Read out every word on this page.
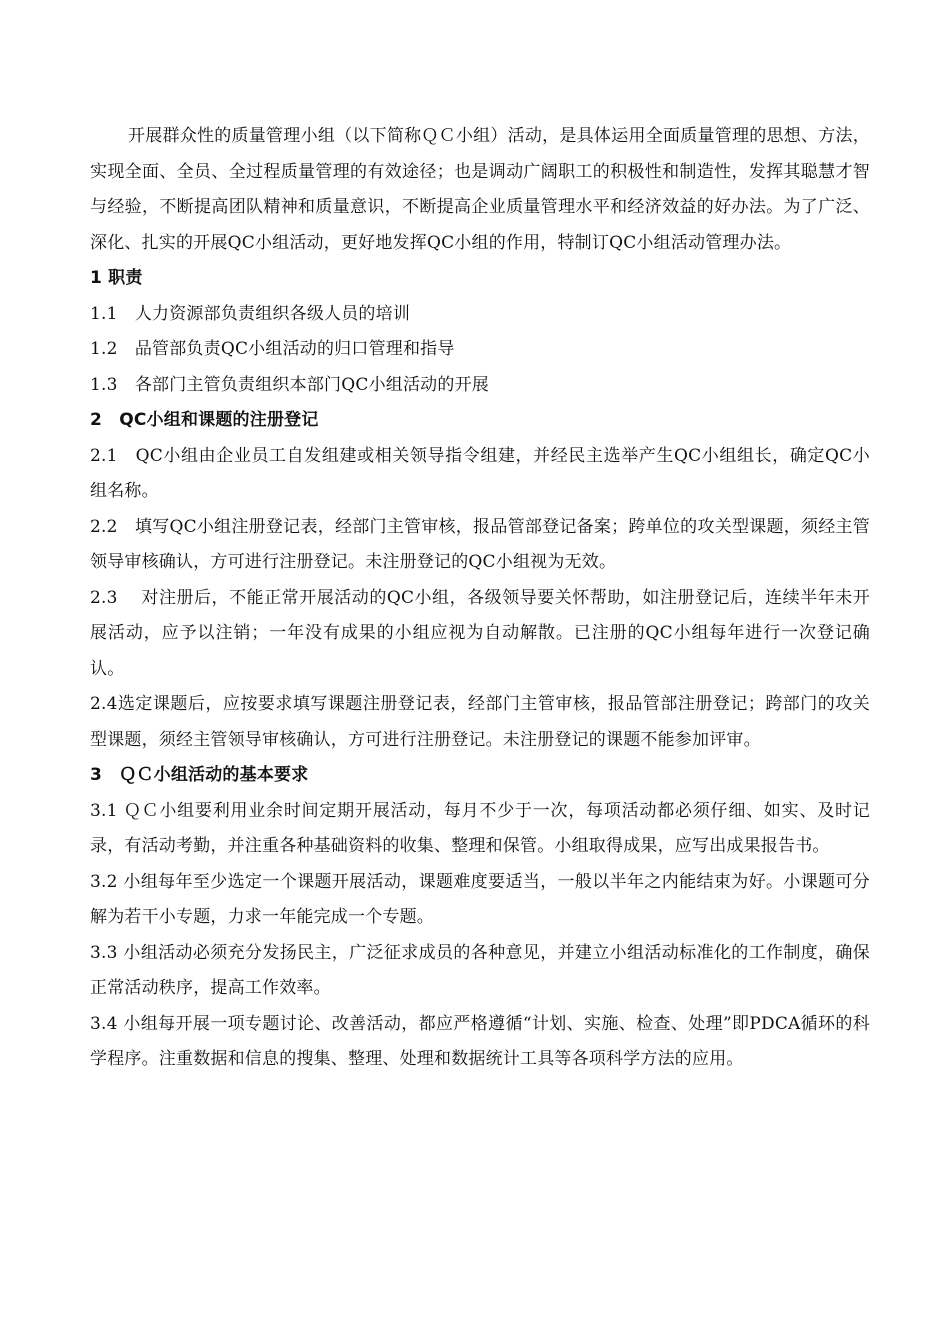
开展群众性的质量管理小组（以下简称ＱＣ小组）活动，是具体运用全面质量管理的思想、方法，实现全面、全员、全过程质量管理的有效途径；也是调动广阔职工的积极性和制造性，发挥其聪慧才智与经验，不断提高团队精神和质量意识，不断提高企业质量管理水平和经济效益的好办法。为了广泛、深化、扎实的开展QC小组活动，更好地发挥QC小组的作用，特制订QC小组活动管理办法。

1 职责

1.1　人力资源部负责组织各级人员的培训

1.2　品管部负责QC小组活动的归口管理和指导

1.3　各部门主管负责组织本部门QC小组活动的开展

2　QC小组和课题的注册登记

2.1　QC小组由企业员工自发组建或相关领导指令组建，并经民主选举产生QC小组组长，确定QC小组名称。

2.2　填写QC小组注册登记表，经部门主管审核，报品管部登记备案；跨单位的攻关型课题，须经主管领导审核确认，方可进行注册登记。未注册登记的QC小组视为无效。

2.3　 对注册后，不能正常开展活动的QC小组，各级领导要关怀帮助，如注册登记后，连续半年未开展活动，应予以注销；一年没有成果的小组应视为自动解散。已注册的QC小组每年进行一次登记确认。

2.4选定课题后，应按要求填写课题注册登记表，经部门主管审核，报品管部注册登记；跨部门的攻关型课题，须经主管领导审核确认，方可进行注册登记。未注册登记的课题不能参加评审。

3　ＱＣ小组活动的基本要求

3.1 ＱＣ小组要利用业余时间定期开展活动，每月不少于一次，每项活动都必须仔细、如实、及时记录，有活动考勤，并注重各种基础资料的收集、整理和保管。小组取得成果，应写出成果报告书。

3.2 小组每年至少选定一个课题开展活动，课题难度要适当，一般以半年之内能结束为好。小课题可分解为若干小专题，力求一年能完成一个专题。

3.3 小组活动必须充分发扬民主，广泛征求成员的各种意见，并建立小组活动标准化的工作制度，确保正常活动秩序，提高工作效率。

3.4 小组每开展一项专题讨论、改善活动，都应严格遵循“计划、实施、检查、处理”即PDCA循环的科学程序。注重数据和信息的搜集、整理、处理和数据统计工具等各项科学方法的应用。
